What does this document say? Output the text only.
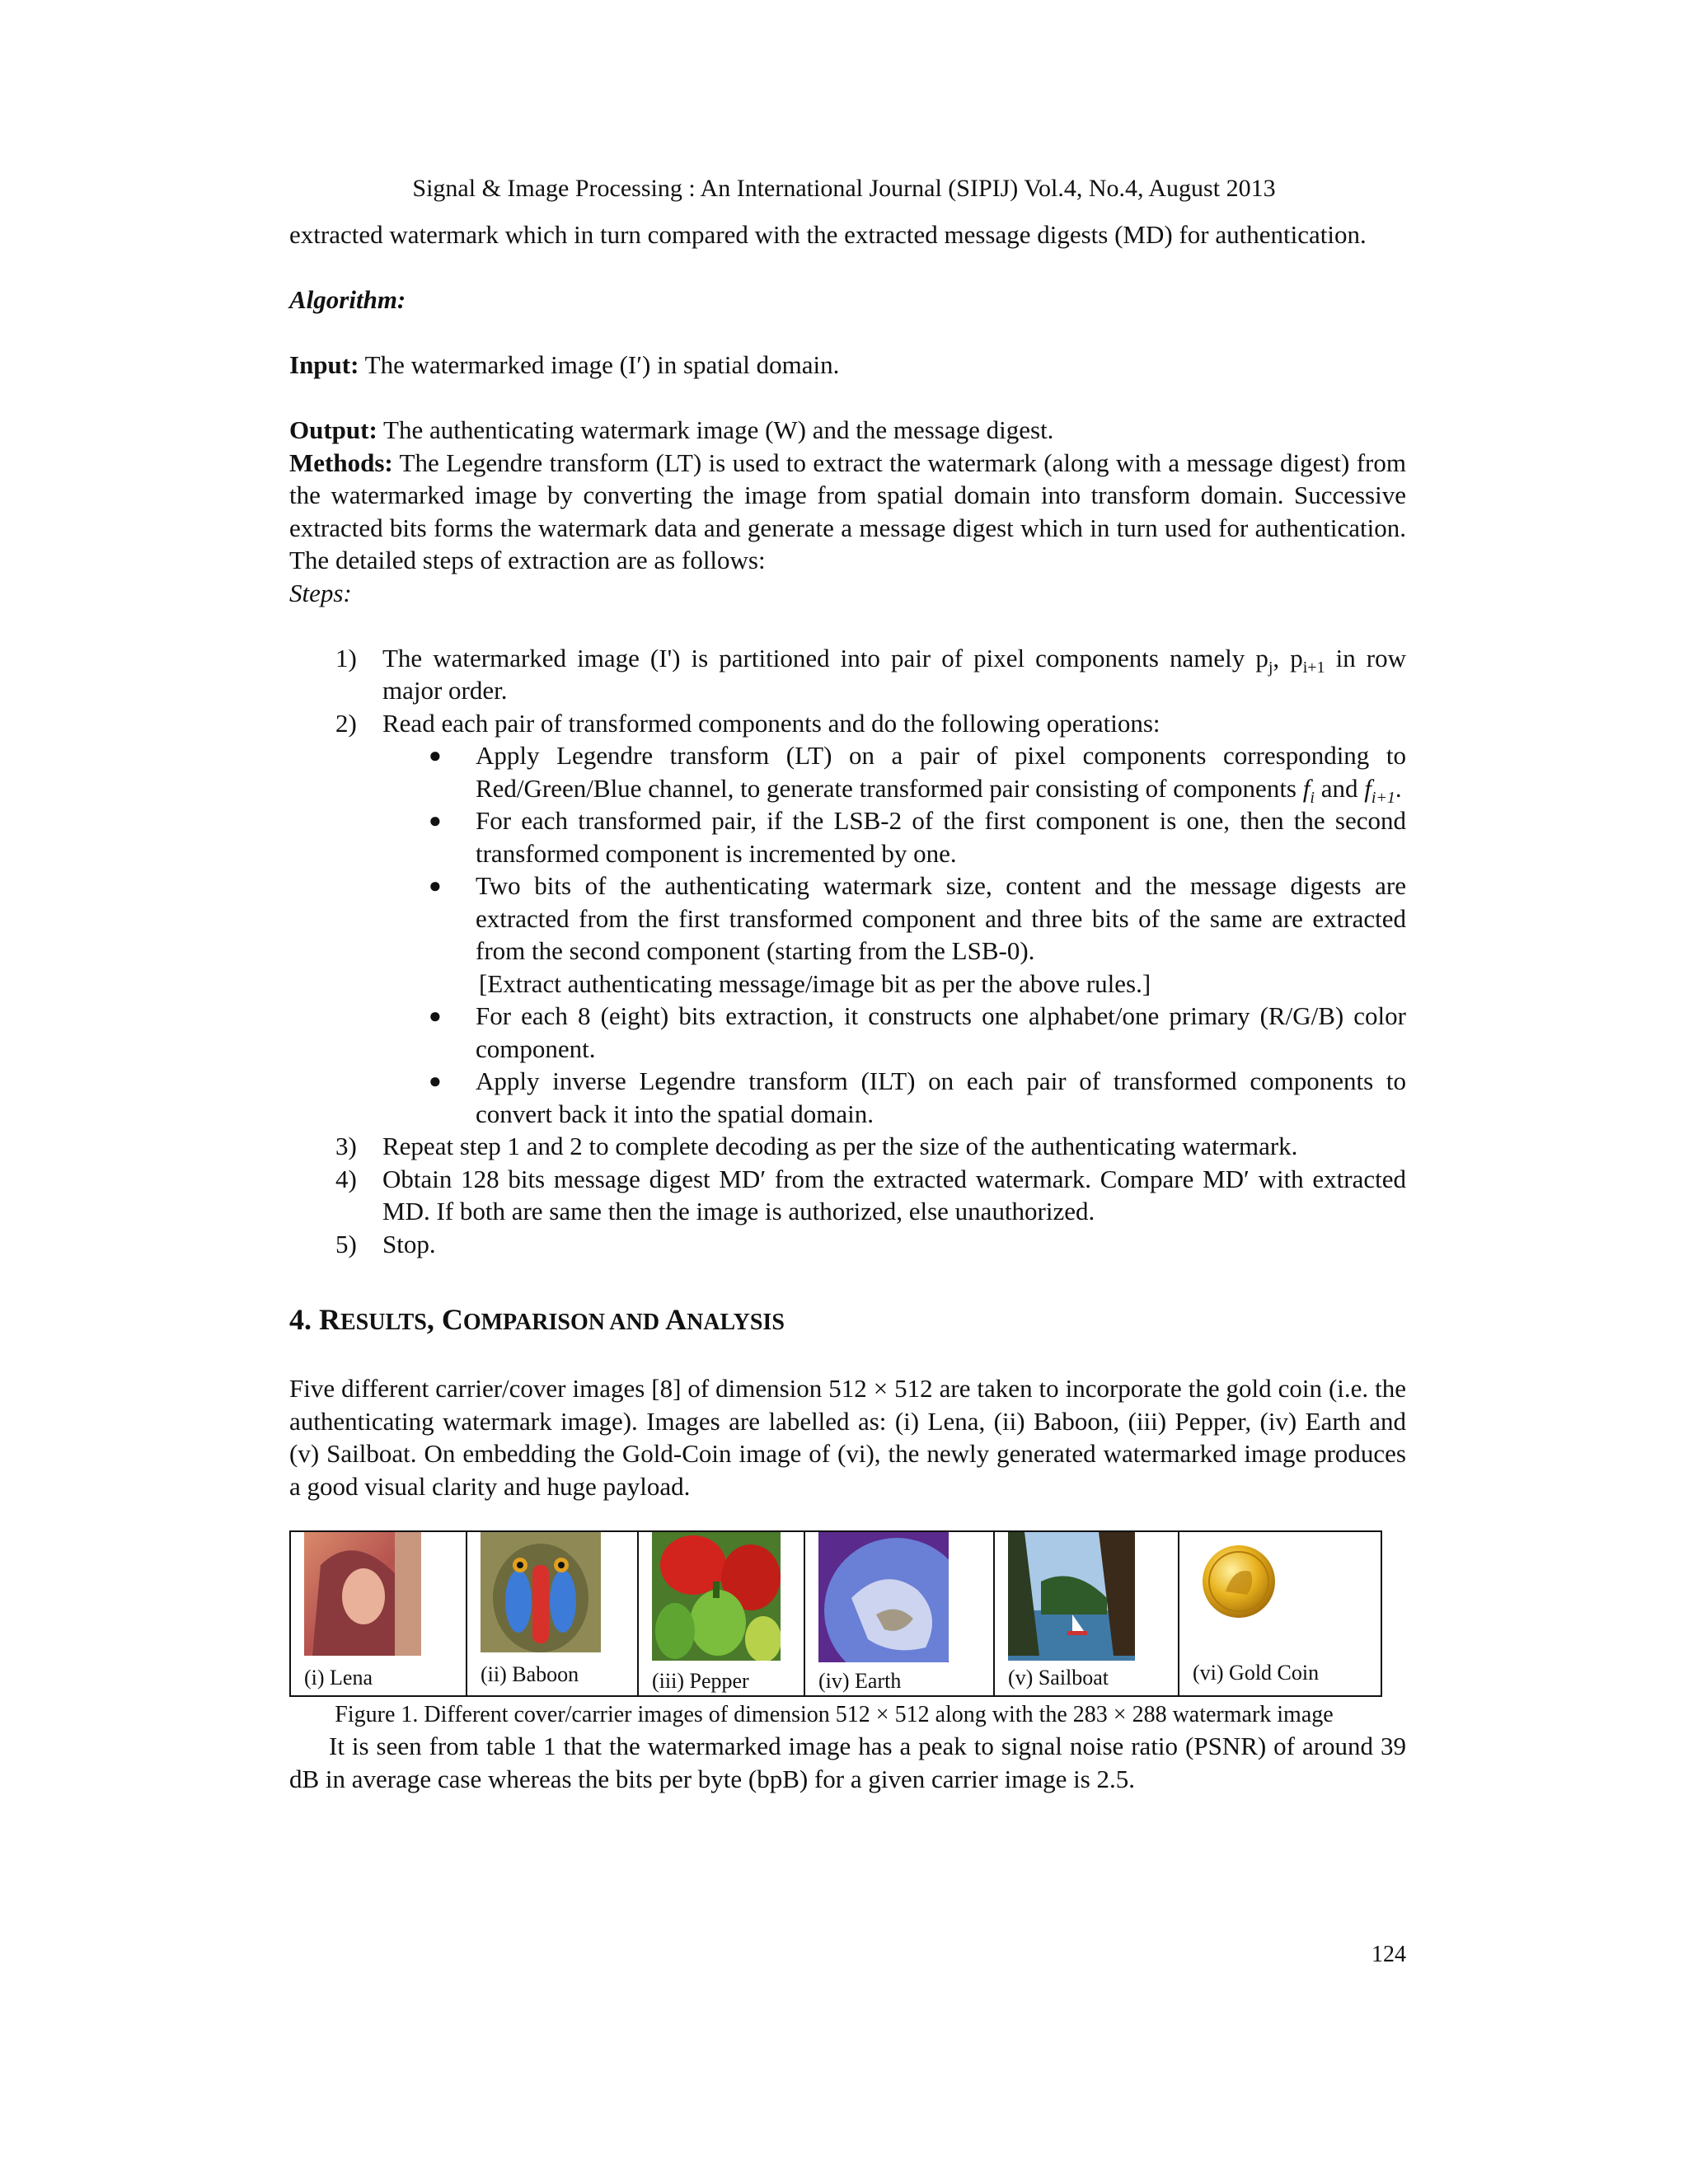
Signal & Image Processing : An International Journal (SIPIJ) Vol.4, No.4, August 2013

extracted watermark which in turn compared with the extracted message digests (MD) for authentication.

Algorithm:

Input: The watermarked image (I′) in spatial domain.

Output: The authenticating watermark image (W) and the message digest.

Methods: The Legendre transform (LT) is used to extract the watermark (along with a message digest) from the watermarked image by converting the image from spatial domain into transform domain. Successive extracted bits forms the watermark data and generate a message digest which in turn used for authentication. The detailed steps of extraction are as follows:

Steps:

1) The watermarked image (I') is partitioned into pair of pixel components namely $p_j$, $p_{i+1}$ in row major order.
2) Read each pair of transformed components and do the following operations:
● Apply Legendre transform (LT) on a pair of pixel components corresponding to Red/Green/Blue channel, to generate transformed pair consisting of components $f_i$ and $f_{i+1}$.
● For each transformed pair, if the LSB-2 of the first component is one, then the second transformed component is incremented by one.
● Two bits of the authenticating watermark size, content and the message digests are extracted from the first transformed component and three bits of the same are extracted from the second component (starting from the LSB-0).
[Extract authenticating message/image bit as per the above rules.]
● For each 8 (eight) bits extraction, it constructs one alphabet/one primary (R/G/B) color component.
● Apply inverse Legendre transform (ILT) on each pair of transformed components to convert back it into the spatial domain.
3) Repeat step 1 and 2 to complete decoding as per the size of the authenticating watermark.
4) Obtain 128 bits message digest MD′ from the extracted watermark. Compare MD′ with extracted MD. If both are same then the image is authorized, else unauthorized.
5) Stop.
4. RESULTS, COMPARISON AND ANALYSIS

Five different carrier/cover images [8] of dimension 512 × 512 are taken to incorporate the gold coin (i.e. the authenticating watermark image). Images are labelled as: (i) Lena, (ii) Baboon, (iii) Pepper, (iv) Earth and (v) Sailboat. On embedding the Gold-Coin image of (vi), the newly generated watermarked image produces a good visual clarity and huge payload.

(i) Lena	(ii) Baboon	(iii) Pepper	(iv) Earth	(v) Sailboat	(vi) Gold Coin
Figure 1. Different cover/carrier images of dimension 512 × 512 along with the 283 × 288 watermark image

It is seen from table 1 that the watermarked image has a peak to signal noise ratio (PSNR) of around 39 dB in average case whereas the bits per byte (bpB) for a given carrier image is 2.5.

124
